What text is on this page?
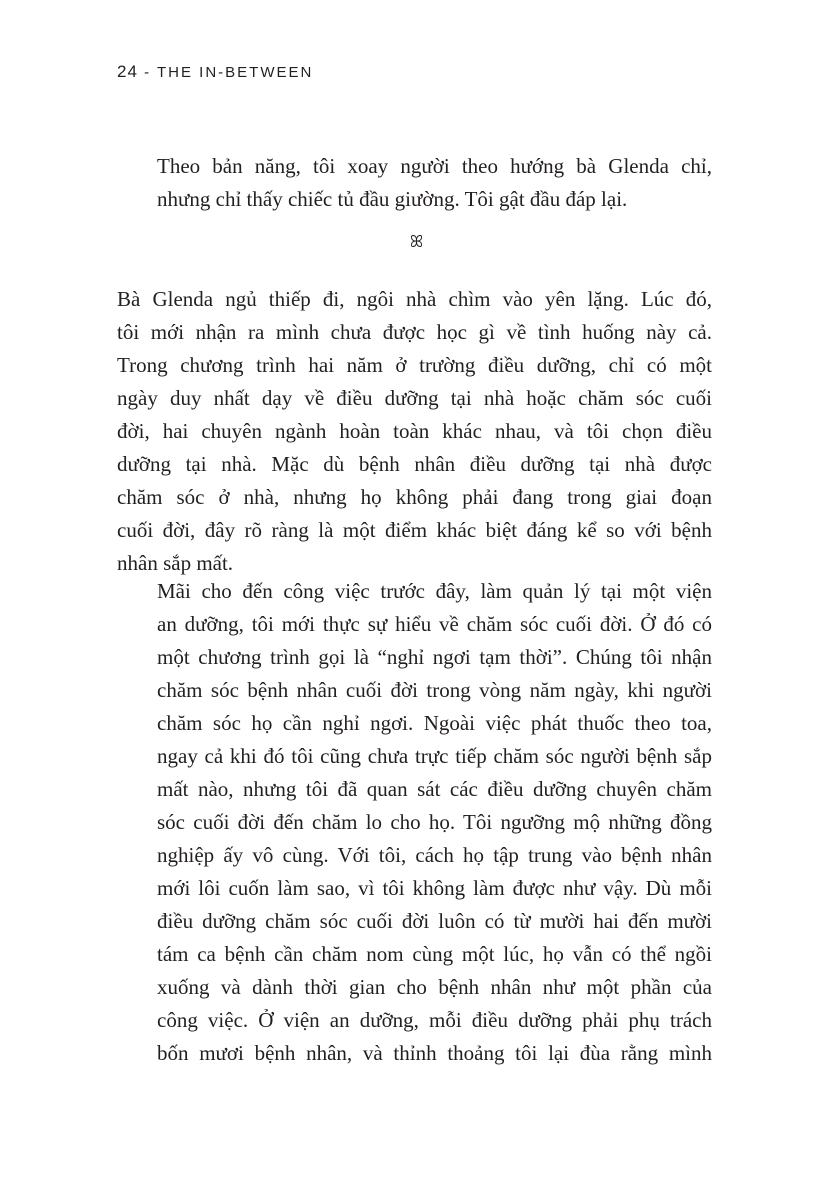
24 - THE IN-BETWEEN

Theo bản năng, tôi xoay người theo hướng bà Glenda chỉ,
nhưng chỉ thấy chiếc tủ đầu giường. Tôi gật đầu đáp lại.

ꕤ

Bà Glenda ngủ thiếp đi, ngôi nhà chìm vào yên lặng. Lúc đó,
tôi mới nhận ra mình chưa được học gì về tình huống này cả.
Trong chương trình hai năm ở trường điều dưỡng, chỉ có một
ngày duy nhất dạy về điều dưỡng tại nhà hoặc chăm sóc cuối
đời, hai chuyên ngành hoàn toàn khác nhau, và tôi chọn điều
dưỡng tại nhà. Mặc dù bệnh nhân điều dưỡng tại nhà được
chăm sóc ở nhà, nhưng họ không phải đang trong giai đoạn
cuối đời, đây rõ ràng là một điểm khác biệt đáng kể so với bệnh
nhân sắp mất.

Mãi cho đến công việc trước đây, làm quản lý tại một viện
an dưỡng, tôi mới thực sự hiểu về chăm sóc cuối đời. Ở đó có
một chương trình gọi là “nghỉ ngơi tạm thời”. Chúng tôi nhận
chăm sóc bệnh nhân cuối đời trong vòng năm ngày, khi người
chăm sóc họ cần nghỉ ngơi. Ngoài việc phát thuốc theo toa,
ngay cả khi đó tôi cũng chưa trực tiếp chăm sóc người bệnh sắp
mất nào, nhưng tôi đã quan sát các điều dưỡng chuyên chăm
sóc cuối đời đến chăm lo cho họ. Tôi ngưỡng mộ những đồng
nghiệp ấy vô cùng. Với tôi, cách họ tập trung vào bệnh nhân
mới lôi cuốn làm sao, vì tôi không làm được như vậy. Dù mỗi
điều dưỡng chăm sóc cuối đời luôn có từ mười hai đến mười
tám ca bệnh cần chăm nom cùng một lúc, họ vẫn có thể ngồi
xuống và dành thời gian cho bệnh nhân như một phần của
công việc. Ở viện an dưỡng, mỗi điều dưỡng phải phụ trách
bốn mươi bệnh nhân, và thỉnh thoảng tôi lại đùa rằng mình
